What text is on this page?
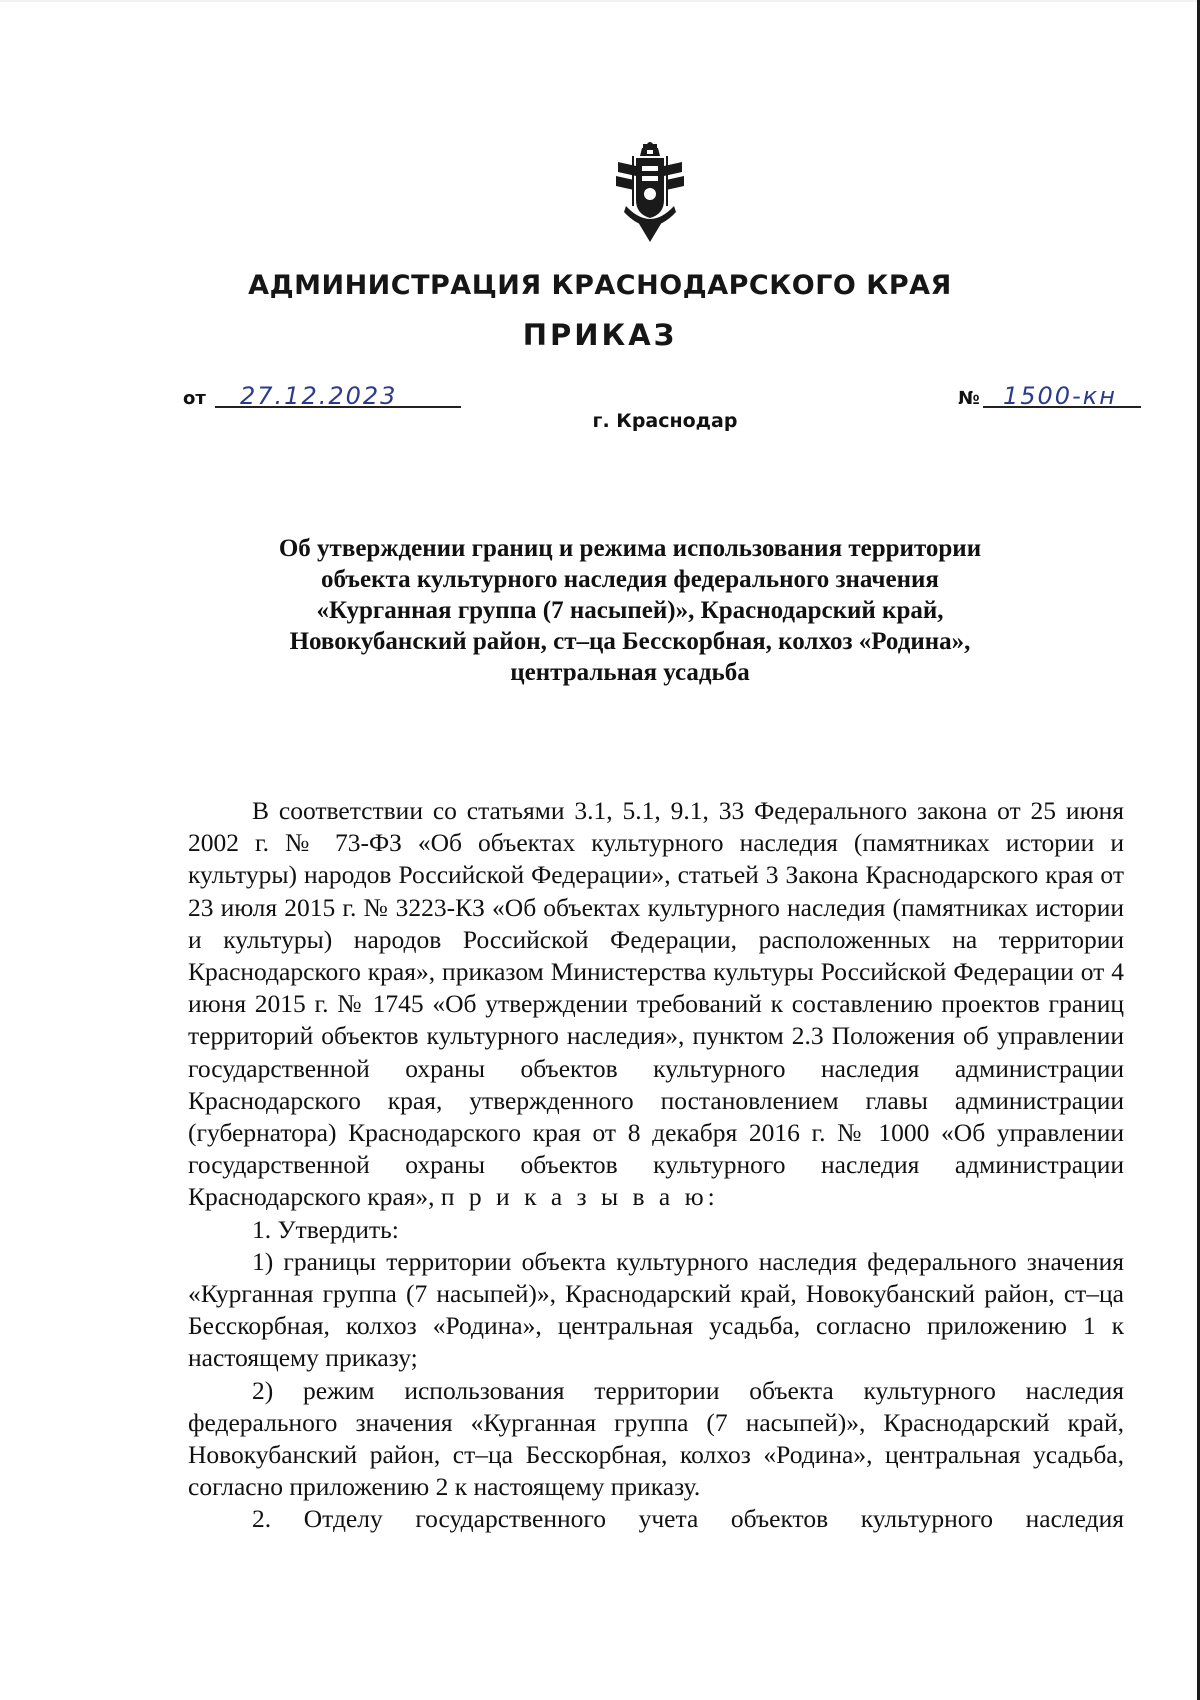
АДМИНИСТРАЦИЯ КРАСНОДАРСКОГО КРАЯ
ПРИКАЗ
от 27.12.2023	№ 1500-кн
г. Краснодар
Об утверждении границ и режима использования территории
объекта культурного наследия федерального значения
«Курганная группа (7 насыпей)», Краснодарский край,
Новокубанский район, ст–ца Бесскорбная, колхоз «Родина»,
центральная усадьба

В соответствии со статьями 3.1, 5.1, 9.1, 33 Федерального закона от 25 июня 2002 г. № 73-ФЗ «Об объектах культурного наследия (памятниках истории и культуры) народов Российской Федерации», статьей 3 Закона Краснодарского края от 23 июля 2015 г. № 3223-КЗ «Об объектах культурного наследия (памятниках истории и культуры) народов Российской Федерации, расположенных на территории Краснодарского края», приказом Министерства культуры Российской Федерации от 4 июня 2015 г. № 1745 «Об утверждении требований к составлению проектов границ территорий объектов культурного наследия», пунктом 2.3 Положения об управлении государственной охраны объектов культурного наследия администрации Краснодарского края, утвержденного постановлением главы администрации (губернатора) Краснодарского края от 8 декабря 2016 г. № 1000 «Об управлении государственной охраны объектов культурного наследия администрации Краснодарского края», п р и к а з ы в а ю:

1. Утвердить:

1) границы территории объекта культурного наследия федерального значения «Курганная группа (7 насыпей)», Краснодарский край, Новокубанский район, ст–ца Бесскорбная, колхоз «Родина», центральная усадьба, согласно приложению 1 к настоящему приказу;

2) режим использования территории объекта культурного наследия федерального значения «Курганная группа (7 насыпей)», Краснодарский край, Новокубанский район, ст–ца Бесскорбная, колхоз «Родина», центральная усадьба, согласно приложению 2 к настоящему приказу.

2. Отделу государственного учета объектов культурного наследия
